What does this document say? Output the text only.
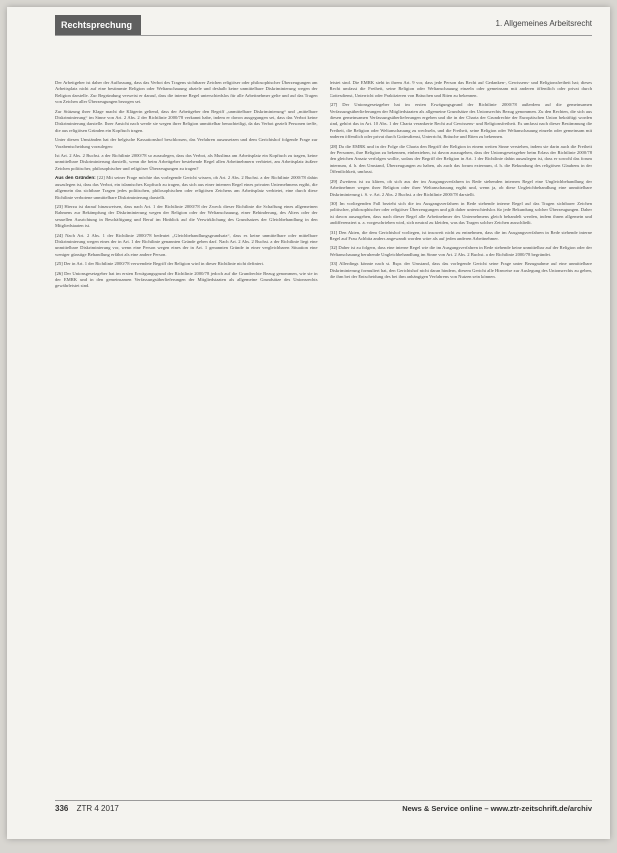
Rechtsprechung	1. Allgemeines Arbeitsrecht

Der Arbeitgeber ist daher der Auffassung, dass das Verbot des Tragens sichtbarer Zeichen religiöser oder philosophischer Überzeugungen am Arbeitsplatz nicht auf eine bestimmte Religion oder Weltanschauung abziele und deshalb keine unmittelbare Diskriminierung wegen der Religion darstelle. Zur Begründung verweist er darauf, dass die interne Regel unterschiedslos für alle Arbeitnehmer gelte und auf das Tragen von Zeichen aller Überzeugungen bezogen sei.

Zur Stützung ihrer Klage macht die Klägerin geltend, dass der Arbeitgeber den Begriff „unmittelbare Diskriminierung“ und „mittelbare Diskriminierung“ im Sinne von Art. 2 Abs. 2 der Richtlinie 2000/78 verkannt habe, indem er davon ausgegangen sei, dass das Verbot keine Diskriminierung darstelle. Ihrer Ansicht nach werde sie wegen ihrer Religion unmittelbar benachteiligt, da das Verbot gezielt Personen treffe, die aus religiösen Gründen ein Kopftuch tragen.

Unter diesen Umständen hat der belgische Kassationshof beschlossen, das Verfahren auszusetzen und dem Gerichtshof folgende Frage zur Vorabentscheidung vorzulegen:

Ist Art. 2 Abs. 2 Buchst. a der Richtlinie 2000/78 so auszulegen, dass das Verbot, als Muslima am Arbeitsplatz ein Kopftuch zu tragen, keine unmittelbare Diskriminierung darstellt, wenn die beim Arbeitgeber bestehende Regel allen Arbeitnehmern verbietet, am Arbeitsplatz äußere Zeichen politischer, philosophischer und religiöser Überzeugungen zu tragen?

Aus den Gründen: [22] Mit seiner Frage möchte das vorlegende Gericht wissen, ob Art. 2 Abs. 2 Buchst. a der Richtlinie 2000/78 dahin auszulegen ist, dass das Verbot, ein islamisches Kopftuch zu tragen, das sich aus einer internen Regel eines privaten Unternehmens ergibt, die allgemein das sichtbare Tragen jedes politischen, philosophischen oder religiösen Zeichens am Arbeitsplatz verbietet, eine durch diese Richtlinie verbotene unmittelbare Diskriminierung darstellt.

[23] Hierzu ist darauf hinzuweisen, dass nach Art. 1 der Richtlinie 2000/78 der Zweck dieser Richtlinie die Schaffung eines allgemeinen Rahmens zur Bekämpfung der Diskriminierung wegen der Religion oder der Weltanschauung, einer Behinderung, des Alters oder der sexuellen Ausrichtung in Beschäftigung und Beruf im Hinblick auf die Verwirklichung des Grundsatzes der Gleichbehandlung in den Mitgliedstaaten ist.

[24] Nach Art. 2 Abs. 1 der Richtlinie 2000/78 bedeutet „Gleichbehandlungsgrundsatz“, dass es keine unmittelbare oder mittelbare Diskriminierung wegen eines der in Art. 1 der Richtlinie genannten Gründe geben darf. Nach Art. 2 Abs. 2 Buchst. a der Richtlinie liegt eine unmittelbare Diskriminierung vor, wenn eine Person wegen eines der in Art. 1 genannten Gründe in einer vergleichbaren Situation eine weniger günstige Behandlung erfährt als eine andere Person.

[25] Der in Art. 1 der Richtlinie 2000/78 verwendete Begriff der Religion wird in dieser Richtlinie nicht definiert.

[26] Der Unionsgesetzgeber hat im ersten Erwägungsgrund der Richtlinie 2000/78 jedoch auf die Grundrechte Bezug genommen, wie sie in der EMRK und in den gemeinsamen Verfassungsüberlieferungen der Mitgliedstaaten als allgemeine Grundsätze des Unionsrechts gewährleistet sind.

leistet sind. Die EMRK sieht in ihrem Art. 9 vor, dass jede Person das Recht auf Gedanken-, Gewissens- und Religionsfreiheit hat; dieses Recht umfasst die Freiheit, seine Religion oder Weltanschauung einzeln oder gemeinsam mit anderen öffentlich oder privat durch Gottesdienst, Unterricht oder Praktizieren von Bräuchen und Riten zu bekennen.

[27] Der Unionsgesetzgeber hat im ersten Erwägungsgrund der Richtlinie 2000/78 außerdem auf die gemeinsamen Verfassungsüberlieferungen der Mitgliedstaaten als allgemeine Grundsätze des Unionsrechts Bezug genommen. Zu den Rechten, die sich aus diesen gemeinsamen Verfassungsüberlieferungen ergeben und die in der Charta der Grundrechte der Europäischen Union bekräftigt worden sind, gehört das in Art. 10 Abs. 1 der Charta verankerte Recht auf Gewissens- und Religionsfreiheit. Es umfasst nach dieser Bestimmung die Freiheit, die Religion oder Weltanschauung zu wechseln, und die Freiheit, seine Religion oder Weltanschauung einzeln oder gemeinsam mit anderen öffentlich oder privat durch Gottesdienst, Unterricht, Bräuche und Riten zu bekennen.

[28] Da die EMRK und in der Folge die Charta den Begriff der Religion in einem weiten Sinne verstehen, indem sie darin auch die Freiheit der Personen, ihre Religion zu bekennen, einbeziehen, ist davon auszugehen, dass der Unionsgesetzgeber beim Erlass der Richtlinie 2000/78 den gleichen Ansatz verfolgen wollte, sodass der Begriff der Religion in Art. 1 der Richtlinie dahin auszulegen ist, dass er sowohl das forum internum, d. h. den Umstand, Überzeugungen zu haben, als auch das forum externum, d. h. die Bekundung des religiösen Glaubens in der Öffentlichkeit, umfasst.

[29] Zweitens ist zu klären, ob sich aus der im Ausgangsverfahren in Rede stehenden internen Regel eine Ungleichbehandlung der Arbeitnehmer wegen ihrer Religion oder ihrer Weltanschauung ergibt und, wenn ja, ob diese Ungleichbehandlung eine unmittelbare Diskriminierung i. S. v. Art. 2 Abs. 2 Buchst. a der Richtlinie 2000/78 darstellt.

[30] Im vorliegenden Fall bezieht sich die im Ausgangsverfahren in Rede stehende interne Regel auf das Tragen sichtbarer Zeichen politischer, philosophischer oder religiöser Überzeugungen und gilt daher unterschiedslos für jede Bekundung solcher Überzeugungen. Daher ist davon auszugehen, dass nach dieser Regel alle Arbeitnehmer des Unternehmens gleich behandelt werden, indem ihnen allgemein und undifferenziert u. a. vorgeschrieben wird, sich neutral zu kleiden, was das Tragen solcher Zeichen ausschließt.

[31] Den Akten, die dem Gerichtshof vorliegen, ist insoweit nicht zu entnehmen, dass die im Ausgangsverfahren in Rede stehende interne Regel auf Frau Achbita anders angewandt worden wäre als auf jeden anderen Arbeitnehmer.

[32] Daher ist zu folgern, dass eine interne Regel wie die im Ausgangsverfahren in Rede stehende keine unmittelbar auf der Religion oder der Weltanschauung beruhende Ungleichbehandlung im Sinne von Art. 2 Abs. 2 Buchst. a der Richtlinie 2000/78 begründet.

[33] Allerdings könnte nach st. Rspr. der Umstand, dass das vorlegende Gericht seine Frage unter Bezugnahme auf eine unmittelbare Diskriminierung formuliert hat, den Gerichtshof nicht daran hindern, diesem Gericht alle Hinweise zur Auslegung des Unionsrechts zu geben, die ihm bei der Entscheidung des bei ihm anhängigen Verfahrens von Nutzen sein können.

336 ZTR 4 2017	News & Service online – www.ztr-zeitschrift.de/archiv
